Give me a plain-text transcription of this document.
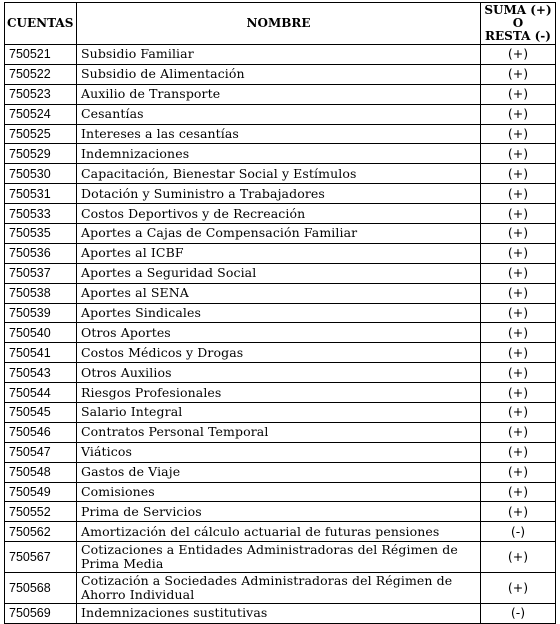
CUENTAS	NOMBRE	SUMA (+)
O
RESTA (-)
750521	Subsidio Familiar	(+)
750522	Subsidio de Alimentación	(+)
750523	Auxilio de Transporte	(+)
750524	Cesantías	(+)
750525	Intereses a las cesantías	(+)
750529	Indemnizaciones	(+)
750530	Capacitación, Bienestar Social y Estímulos	(+)
750531	Dotación y Suministro a Trabajadores	(+)
750533	Costos Deportivos y de Recreación	(+)
750535	Aportes a Cajas de Compensación Familiar	(+)
750536	Aportes al ICBF	(+)
750537	Aportes a Seguridad Social	(+)
750538	Aportes al SENA	(+)
750539	Aportes Sindicales	(+)
750540	Otros Aportes	(+)
750541	Costos Médicos y Drogas	(+)
750543	Otros Auxilios	(+)
750544	Riesgos Profesionales	(+)
750545	Salario Integral	(+)
750546	Contratos Personal Temporal	(+)
750547	Viáticos	(+)
750548	Gastos de Viaje	(+)
750549	Comisiones	(+)
750552	Prima de Servicios	(+)
750562	Amortización del cálculo actuarial de futuras pensiones	(-)
750567	Cotizaciones a Entidades Administradoras del Régimen de Prima Media	(+)
750568	Cotización a Sociedades Administradoras del Régimen de Ahorro Individual	(+)
750569	Indemnizaciones sustitutivas	(-)
